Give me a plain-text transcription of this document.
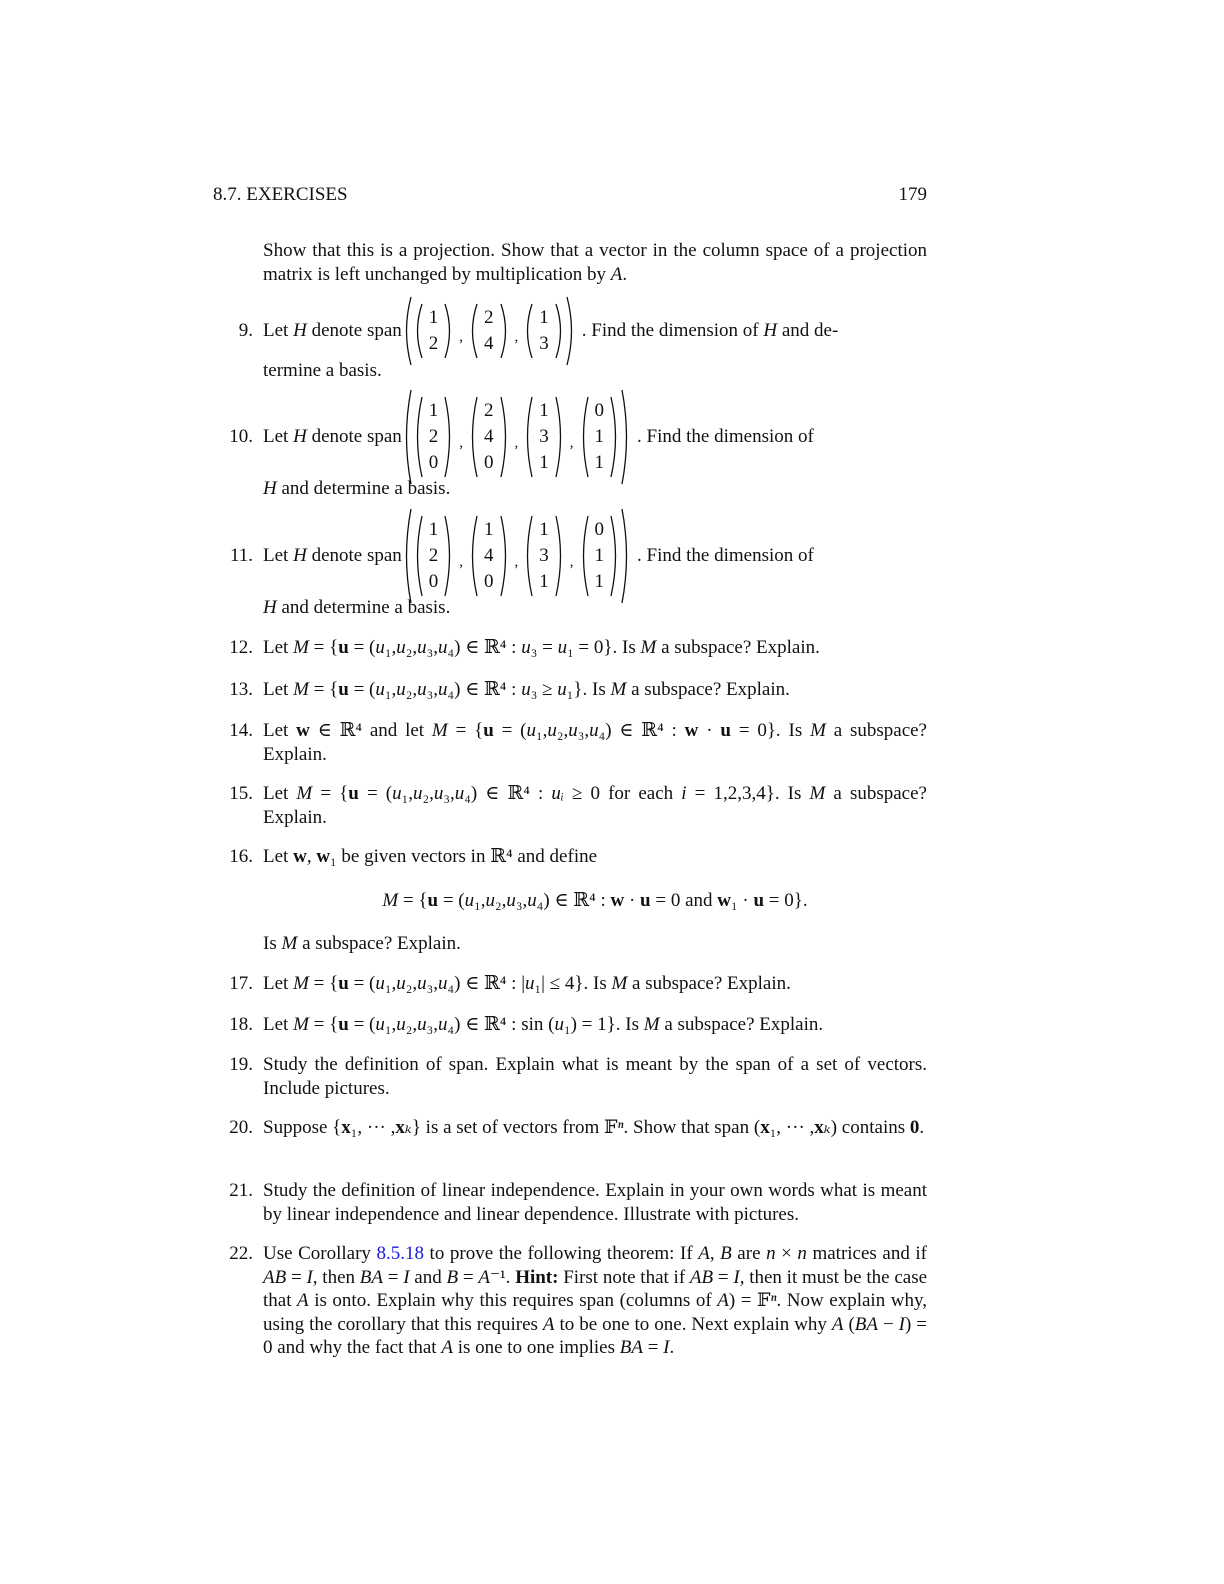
8.7. EXERCISES	179
Show that this is a projection. Show that a vector in the column space of a projection matrix is left unchanged by multiplication by A.
9. Let H denote span
1
2 ,
2
4 ,
1
3
. Find the dimension of H and de-
termine a basis.
10. Let H denote span
1
2
0
,
2
4
0
,
1
3
1
,
0
1
1
. Find the dimension of
H and determine a basis.
11. Let H denote span
1
2
0
,
1
4
0
,
1
3
1
,
0
1
1
. Find the dimension of
H and determine a basis.
12. Let M = {u = (u₁,u₂,u₃,u₄) ∈ ℝ⁴ : u₃ = u₁ = 0}. Is M a subspace? Explain.
13. Let M = {u = (u₁,u₂,u₃,u₄) ∈ ℝ⁴ : u₃ ≥ u₁}. Is M a subspace? Explain.
14. Let w ∈ ℝ⁴ and let M = {u = (u₁,u₂,u₃,u₄) ∈ ℝ⁴ : w · u = 0}. Is M a subspace? Explain.
15. Let M = {u = (u₁,u₂,u₃,u₄) ∈ ℝ⁴ : uᵢ ≥ 0 for each i = 1,2,3,4}. Is M a subspace? Explain.
16. Let w, w₁ be given vectors in ℝ⁴ and define
M = {u = (u₁,u₂,u₃,u₄) ∈ ℝ⁴ : w · u = 0 and w₁ · u = 0}.
Is M a subspace? Explain.
17. Let M = {u = (u₁,u₂,u₃,u₄) ∈ ℝ⁴ : |u₁| ≤ 4}. Is M a subspace? Explain.
18. Let M = {u = (u₁,u₂,u₃,u₄) ∈ ℝ⁴ : sin (u₁) = 1}. Is M a subspace? Explain.
19. Study the definition of span. Explain what is meant by the span of a set of vectors. Include pictures.
20. Suppose {x₁, ··· ,xₖ} is a set of vectors from 𝔽ⁿ. Show that span (x₁, ··· ,xₖ) contains 0.
21. Study the definition of linear independence. Explain in your own words what is meant by linear independence and linear dependence. Illustrate with pictures.
22. Use Corollary 8.5.18 to prove the following theorem: If A, B are n × n matrices and if AB = I, then BA = I and B = A⁻¹. Hint: First note that if AB = I, then it must be the case that A is onto. Explain why this requires span (columns of A) = 𝔽ⁿ. Now explain why, using the corollary that this requires A to be one to one. Next explain why A (BA − I) = 0 and why the fact that A is one to one implies BA = I.
